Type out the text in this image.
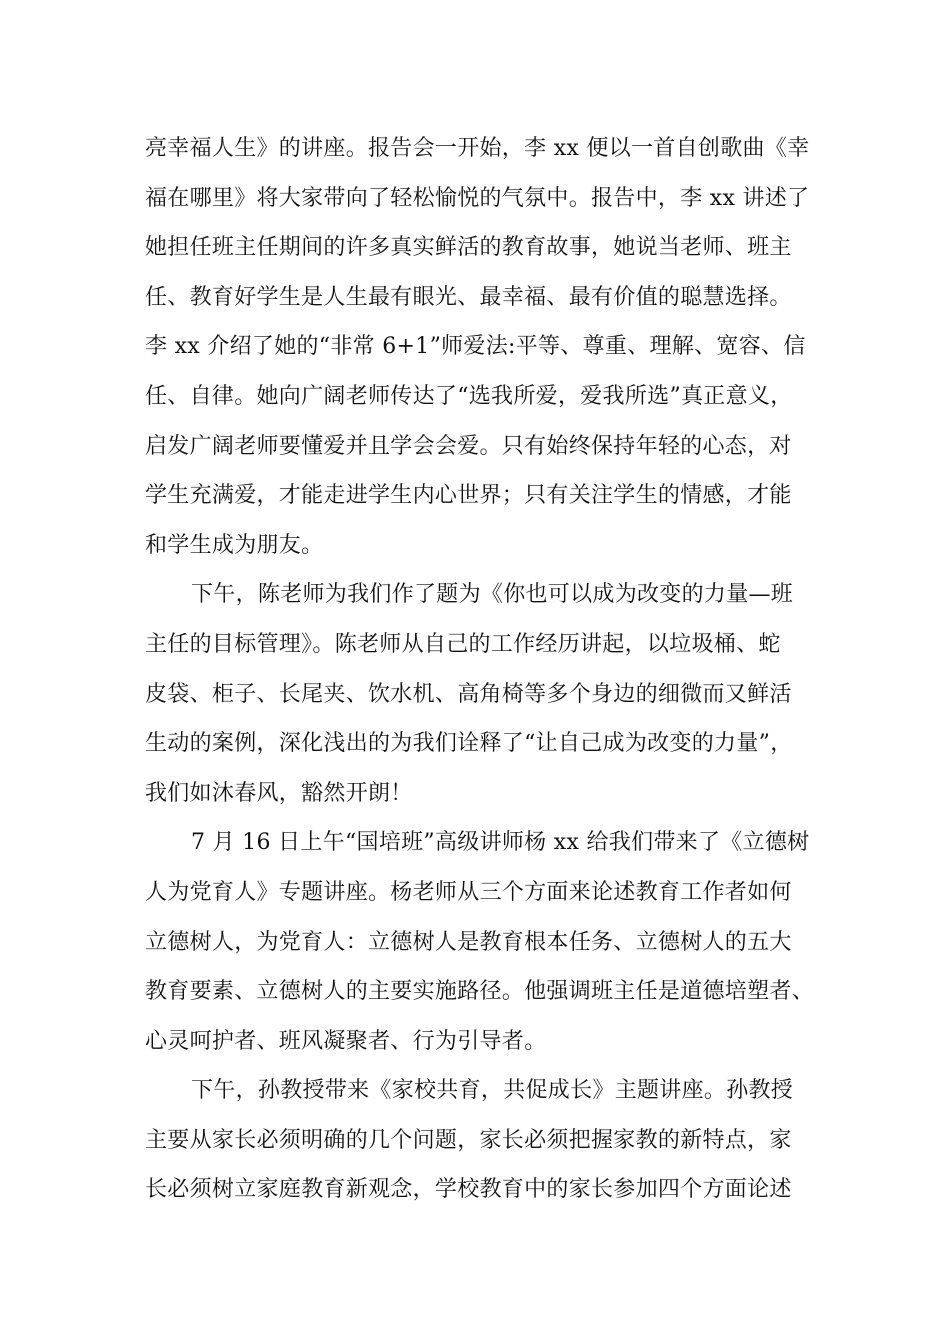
亮幸福人生》的讲座。报告会一开始，李 xx 便以一首自创歌曲《幸
福在哪里》将大家带向了轻松愉悦的气氛中。报告中，李 xx 讲述了
她担任班主任期间的许多真实鲜活的教育故事，她说当老师、班主
任、教育好学生是人生最有眼光、最幸福、最有价值的聪慧选择。
李 xx 介绍了她的“非常 6+1”师爱法:平等、尊重、理解、宽容、信
任、自律。她向广阔老师传达了“选我所爱，爱我所选”真正意义，
启发广阔老师要懂爱并且学会会爱。只有始终保持年轻的心态，对
学生充满爱，才能走进学生内心世界；只有关注学生的情感，才能
和学生成为朋友。
下午，陈老师为我们作了题为《你也可以成为改变的力量—班
主任的目标管理》。陈老师从自己的工作经历讲起，以垃圾桶、蛇
皮袋、柜子、长尾夹、饮水机、高角椅等多个身边的细微而又鲜活
生动的案例，深化浅出的为我们诠释了“让自己成为改变的力量”，
我们如沐春风，豁然开朗！
7 月 16 日上午“国培班”高级讲师杨 xx 给我们带来了《立德树
人为党育人》专题讲座。杨老师从三个方面来论述教育工作者如何
立德树人，为党育人：立德树人是教育根本任务、立德树人的五大
教育要素、立德树人的主要实施路径。他强调班主任是道德培塑者、
心灵呵护者、班风凝聚者、行为引导者。
下午，孙教授带来《家校共育，共促成长》主题讲座。孙教授
主要从家长必须明确的几个问题，家长必须把握家教的新特点，家
长必须树立家庭教育新观念，学校教育中的家长参加四个方面论述
